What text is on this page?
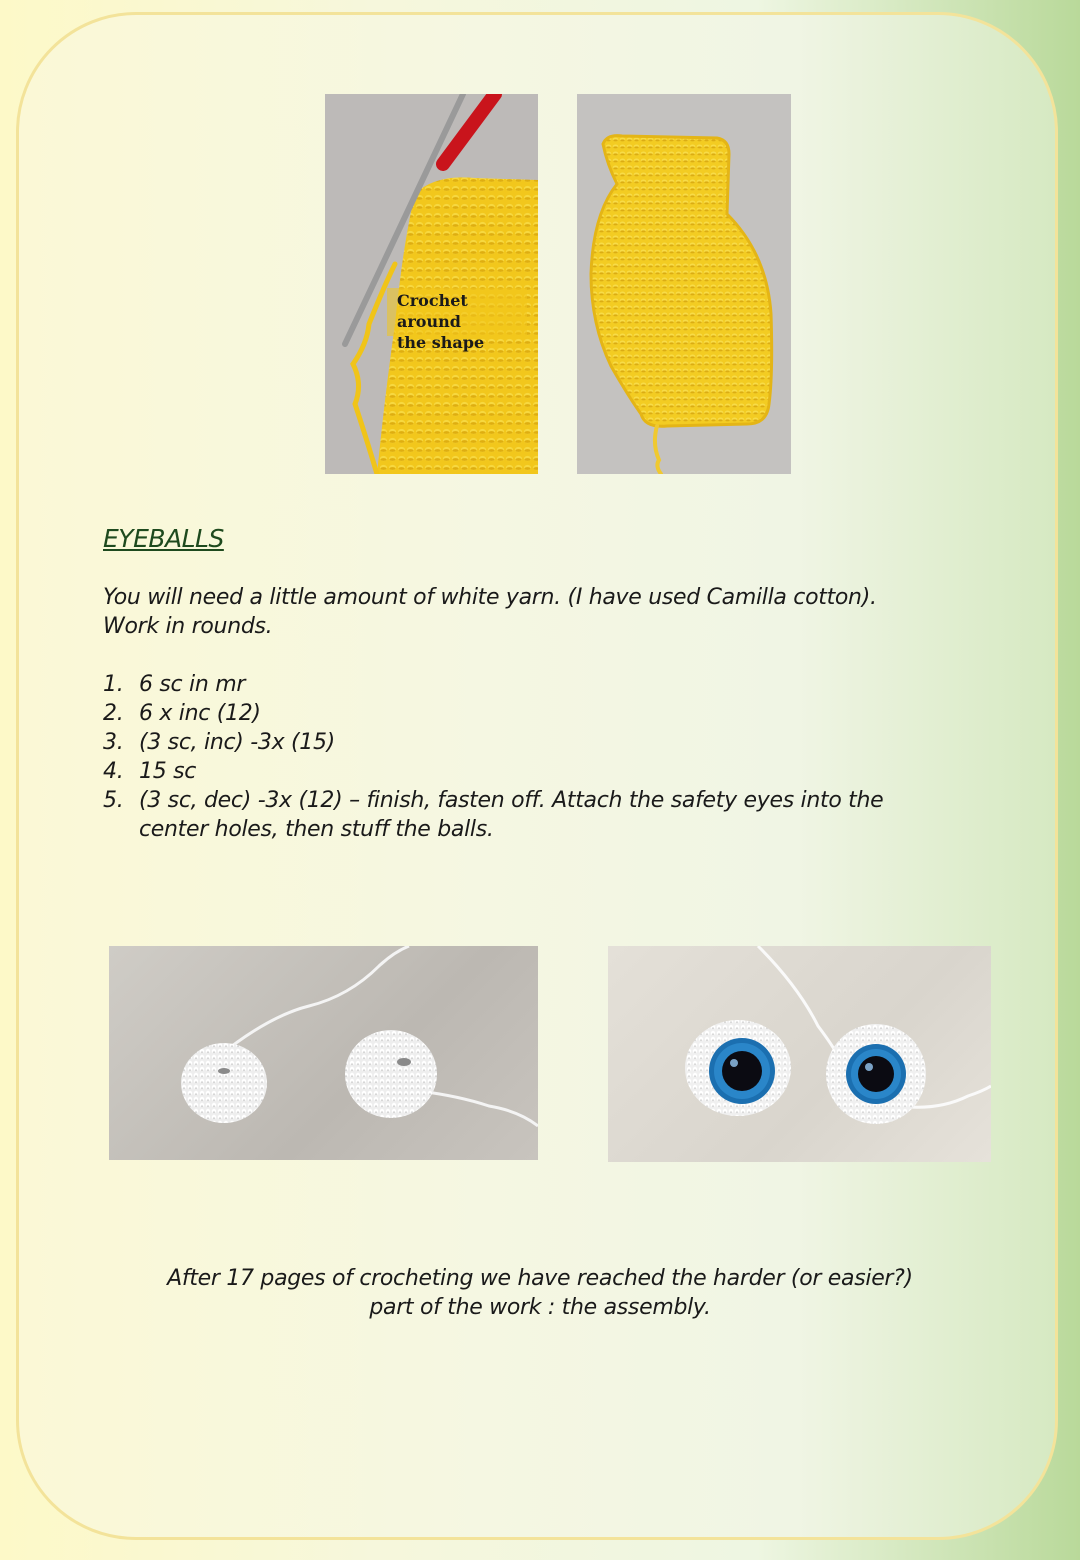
Crochet around
the shape
EYEBALLS

You will need a little amount of white yarn. (I have used Camilla cotton).
Work in rounds.

1. 6 sc in mr
2. 6 x inc (12)
3. (3 sc, inc) -3x (15)
4. 15 sc
5. (3 sc, dec) -3x (12) – finish, fasten off. Attach the safety eyes into the center holes, then stuff the balls.

After 17 pages of crocheting we have reached the harder (or easier?)
part of the work : the assembly.
